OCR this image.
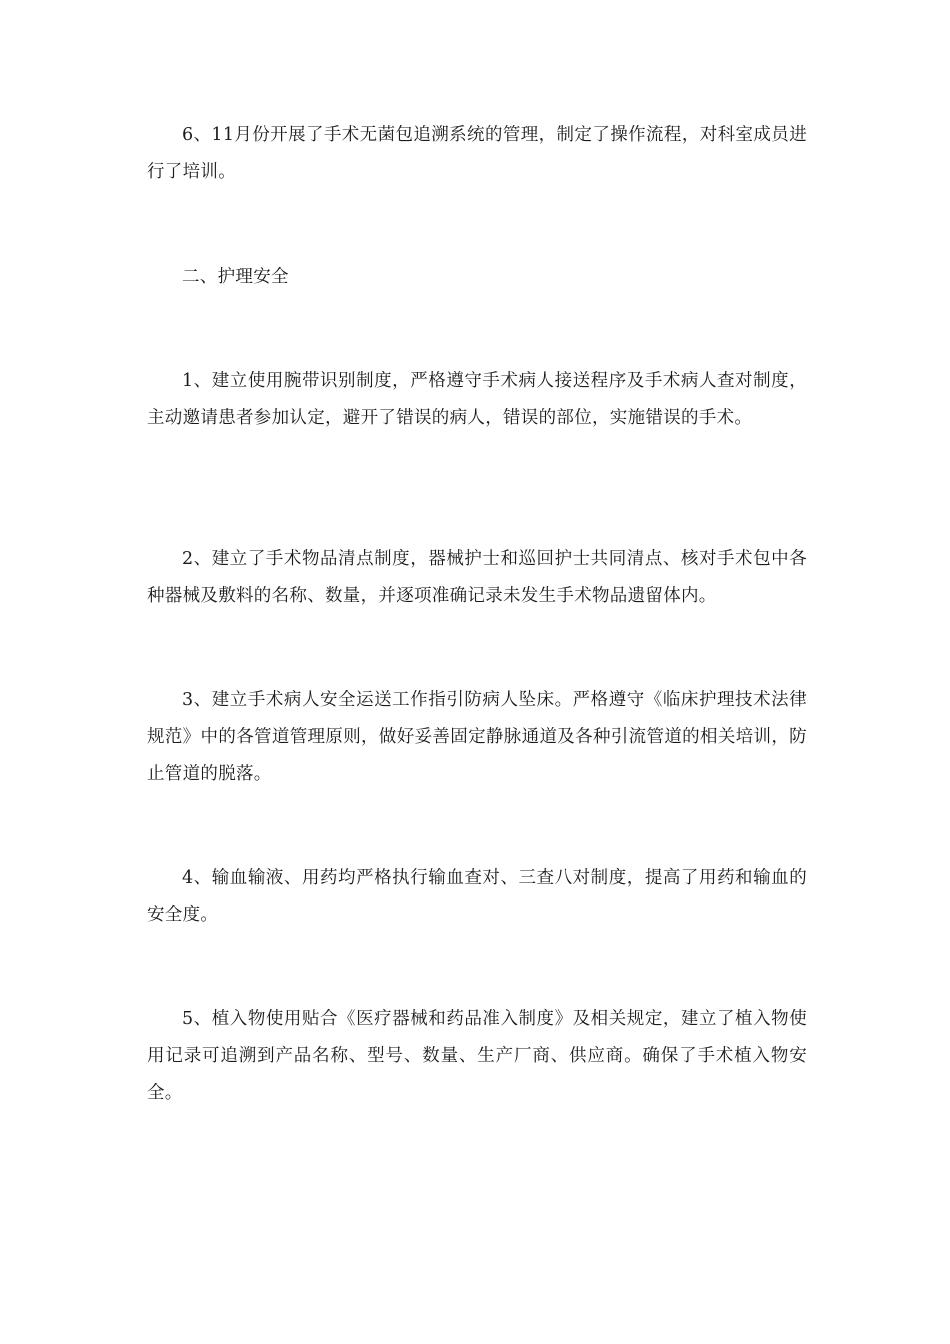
6、11月份开展了手术无菌包追溯系统的管理，制定了操作流程，对科室成员进行了培训。

二、护理安全

1、建立使用腕带识别制度，严格遵守手术病人接送程序及手术病人查对制度，主动邀请患者参加认定，避开了错误的病人，错误的部位，实施错误的手术。

2、建立了手术物品清点制度，器械护士和巡回护士共同清点、核对手术包中各种器械及敷料的名称、数量，并逐项准确记录未发生手术物品遗留体内。

3、建立手术病人安全运送工作指引防病人坠床。严格遵守《临床护理技术法律规范》中的各管道管理原则，做好妥善固定静脉通道及各种引流管道的相关培训，防止管道的脱落。

4、输血输液、用药均严格执行输血查对、三查八对制度，提高了用药和输血的安全度。

5、植入物使用贴合《医疗器械和药品准入制度》及相关规定，建立了植入物使用记录可追溯到产品名称、型号、数量、生产厂商、供应商。确保了手术植入物安全。
